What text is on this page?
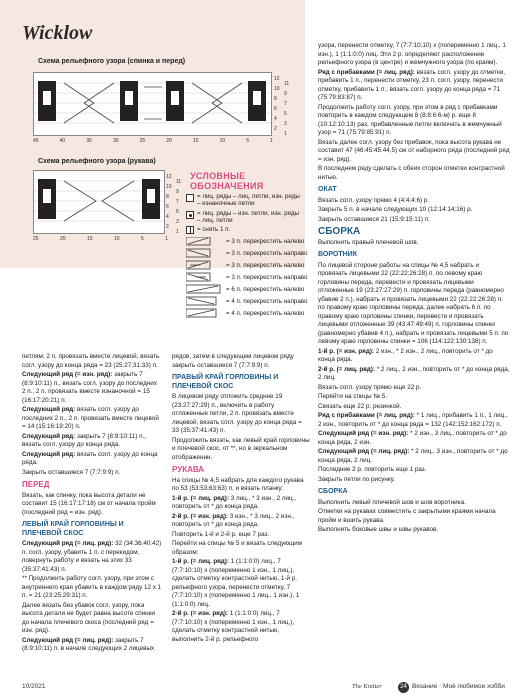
Wicklow
Схема рельефного узора (спинка и перед)
12
10
8
6
4
2
11
9
7
5
3
1
45	40	35	30	25	20	15	10	5	1
Схема рельефного узора (рукава)
12
10
8
6
4
2
11
9
7
5
3
1
25	20	15	10	5	1
УСЛОВНЫЕ ОБОЗНАЧЕНИЯ
= лиц. ряды – лиц. петли, изн. ряды – изнаночные петли
= лиц. ряды – изн. петли, изн. ряды – лиц. петли
= снять 1 п.
= 3 п. перекрестить налево
= 3 п. перекрестить направо
= 3 п. перекрестить налево
= 3 п. перекрестить направо
= 6 п. перекрестить налево
= 4 п. перекрестить направо
= 4 п. перекрестить налево

узора, перенести отметку, 7 (7:7:10:10) х (попеременно 1 лиц., 1 изн.), 1 (1:1:0:0) лиц. Эти 2 р. определяют расположение рельефного узора (в центре) и жемчужного узора (по краям).

Ряд с прибавками (= лиц. ряд): вязать согл. узору до отметки, прибавить 1 п., перенести отметку, 23 п. согл. узору, перенести отметку, прибавить 1 п., вязать согл. узору до конца ряда = 71 (75:79:83:87) п.

Продолжить работу согл. узору, при этом в ряд с прибавками повторить в каждом следующем 8 (8:8:6:6-м) р. еще 8 (10:12:10:13) раз, прибавленные петли включать в жемчужный узор = 71 (75:79:85:91) п.

Вязать далее согл. узору без прибавок, пока высота рукава не составит 47 (46:45:45:44,5) см от наборного ряда (последний ряд = изн. ряд).

В последнем ряду сделать с обеих сторон отметки контрастной нитью.

ОКАТ

Вязать согл. узору прямо 4 (4:4:4:6) р.

Закрыть 5 п. в начале следующих 10 (12:14:14:16) р.

Закрыть оставшиеся 21 (15:9:15:11) п.

СБОРКА

Выполнить правый плечевой шов.

ВОРОТНИК

По лицевой стороне работы на спицы № 4,5 набрать и провязать лицевыми 22 (22:22:26:28) п. по левому краю горловины переда, перевести и провязать лицевыми отложенные 19 (23:27:27:29) п. горловины переда (равномерно убавив 2 п.), набрать и провязать лицевыми 22 (22:22:26:28) п. по правому краю горловины переда, далее набрать 6 п. по правому краю горловины спинки, перевести и провязать лицевыми отложенные 39 (43:47:49:49) п. горловины спинки (равномерно убавив 4 п.), набрать и провязать лицевыми 5 п. по левому краю горловины спинки = 106 (114:122:130:138) п.

1-й р. (= изн. ряд): 2 изн., * 2 изн., 2 лиц., повторить от * до конца ряда.

2-й р. (= лиц. ряд): * 2 лиц., 2 изн., повторить от * до конца ряда, 2 лиц.

Вязать согл. узору прямо еще 22 р.

Перейти на спицы № 5.

Связать еще 22 р. резинкой.

Ряд с прибавками (= лиц. ряд): * 1 лиц., прибавить 1 п., 1 лиц., 2 изн., повторить от * до конца ряда = 132 (142:152:162:172) п.

Следующий ряд (= изн. ряд): * 2 изн., 3 лиц., повторить от * до конца ряда, 2 изн.

Следующий ряд (= лиц. ряд): * 2 лиц., 3 изн., повторить от * до конца ряда, 2 лиц.

Последние 2 р. повторить еще 1 раз.

Закрыть петли по рисунку.

СБОРКА

Выполнить левый плечевой шов и шов воротника.

Отметки на рукавах совместить с закрытыми краями начала пройм и вшить рукава.

Выполнить боковые швы и швы рукавов.

петлям: 2 п. провязать вместе лицевой, вязать согл. узору до конца ряда = 23 (25:27:31:33) п.

Следующий ряд (= изн. ряд): закрыть 7 (8:9:10:11) п., вязать согл. узору до последних 2 п., 2 п. провязать вместе изнаночной = 15 (16:17:20:21) п.

Следующий ряд: вязать согл. узору до последних 2 п., 2 п. провязать вместе лицевой = 14 (15:16:19:20) п.

Следующий ряд: закрыть 7 (8:9:10:11) п., вязать согл. узору до конца ряда.

Следующий ряд: вязать согл. узору до конца ряда.

Закрыть оставшиеся 7 (7:7:9:9) п.

ПЕРЕД

Вязать, как спинку, пока высота детали не составит 15 (16:17:17:18) см от начала пройм (последний ряд = изн. ряд).

ЛЕВЫЙ КРАЙ ГОРЛОВИНЫ И ПЛЕЧЕВОЙ СКОС

Следующий ряд (= лиц. ряд): 32 (34:36:40:42) п. согл. узору, убавить 1 п. с перекидом, повернуть работу и вязать на этих 33 (35:37:41:43) п.

** Продолжить работу согл. узору, при этом с внутреннего края убавить в каждом ряду 12 х 1 п. = 21 (23:25:29:31) п.

Далее вязать без убавок согл. узору, пока высота детали не будет равна высоте спинки до начала плечевого скоса (последний ряд = изн. ряд).

Следующий ряд (= лиц. ряд): закрыть 7 (8:9:10:11) п. в начале следующих 2 лицевых

рядов, затем в следующем лицевом ряду закрыть оставшиеся 7 (7:7:9:9) п.

ПРАВЫЙ КРАЙ ГОРЛОВИНЫ И ПЛЕЧЕВОЙ СКОС

В лицевом ряду отложить средние 19 (23:27:27:29) п., включить в работу отложенные петли, 2 п. провязать вместе лицевой, вязать согл. узору до конца ряда = 33 (35:37:41:43) п.

Продолжить вязать, как левый край горловины и плечевой скос, от **, но в зеркальном отображении.

РУКАВА

На спицы № 4,5 набрать для каждого рукава по 53 (53:53:63:63) п. и вязать планку:

1-й р. (= лиц. ряд): 3 лиц., * 3 изн., 2 лиц., повторить от * до конца ряда.

2-й р. (= изн. ряд): 3 изн., * 3 лиц., 2 изн., повторить от * до конца ряда.

Повторить 1-й и 2-й р. еще 7 раз.

Перейти на спицы № 5 и вязать следующим образом:

1-й р. (= лиц. ряд): 1 (1:1:0:0) лиц., 7 (7:7:10:10) х (попеременно 1 изн., 1 лиц.), сделать отметку контрастной нитью, 1-й р. рельефного узора, перенести отметку, 7 (7:7:10:10) х (попеременно 1 лиц., 1 изн.), 1 (1:1:0:0) лиц.

2-й р. (= изн. ряд): 1 (1:1:0:0) лиц., 7 (7:7:10:10) х (попеременно 1 изн., 1 лиц.), сделать отметку контрастной нитью, выполнить 2-й р. рельефного

10/2021	The Knitter	24 Вязание · Моё любимое хобби
